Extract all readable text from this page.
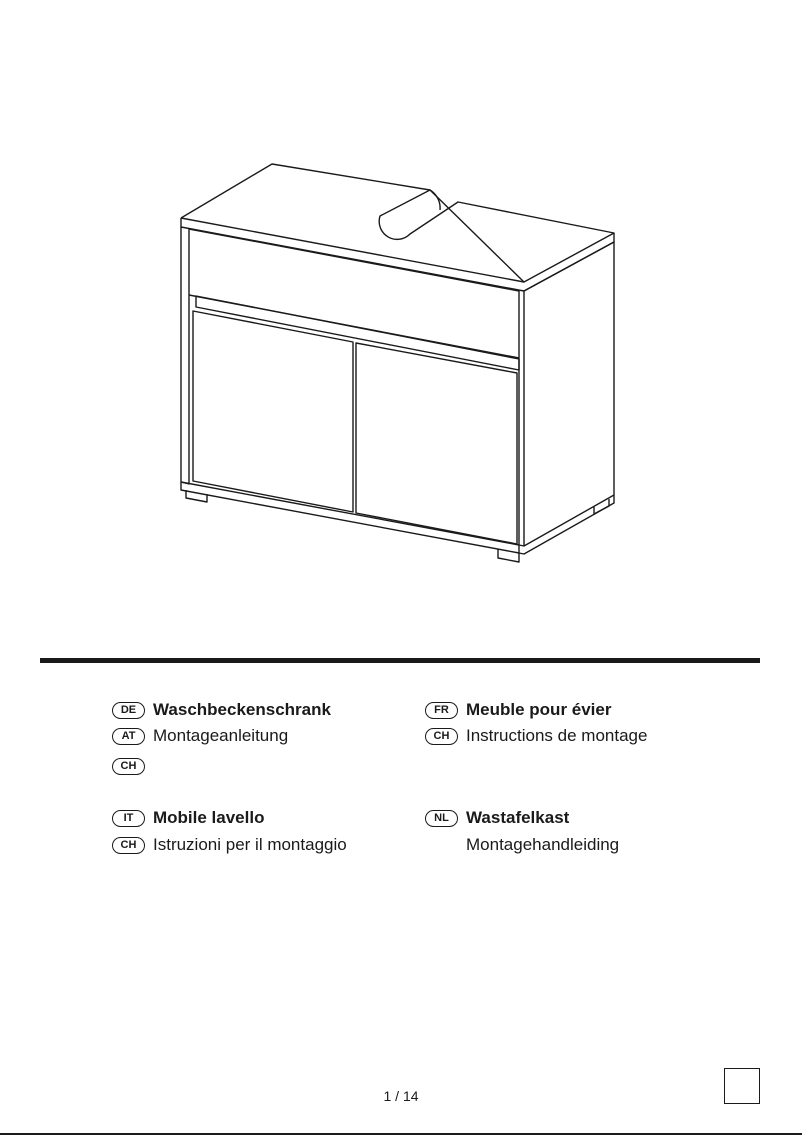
DE Waschbeckenschrank
AT	Montageanleitung
CH
IT	Mobile lavello
CH Istruzioni per il montaggio
FR	Meuble pour évier
CH Instructions de montage
NL	Wastafelkast
Montagehandleiding
1 / 14
